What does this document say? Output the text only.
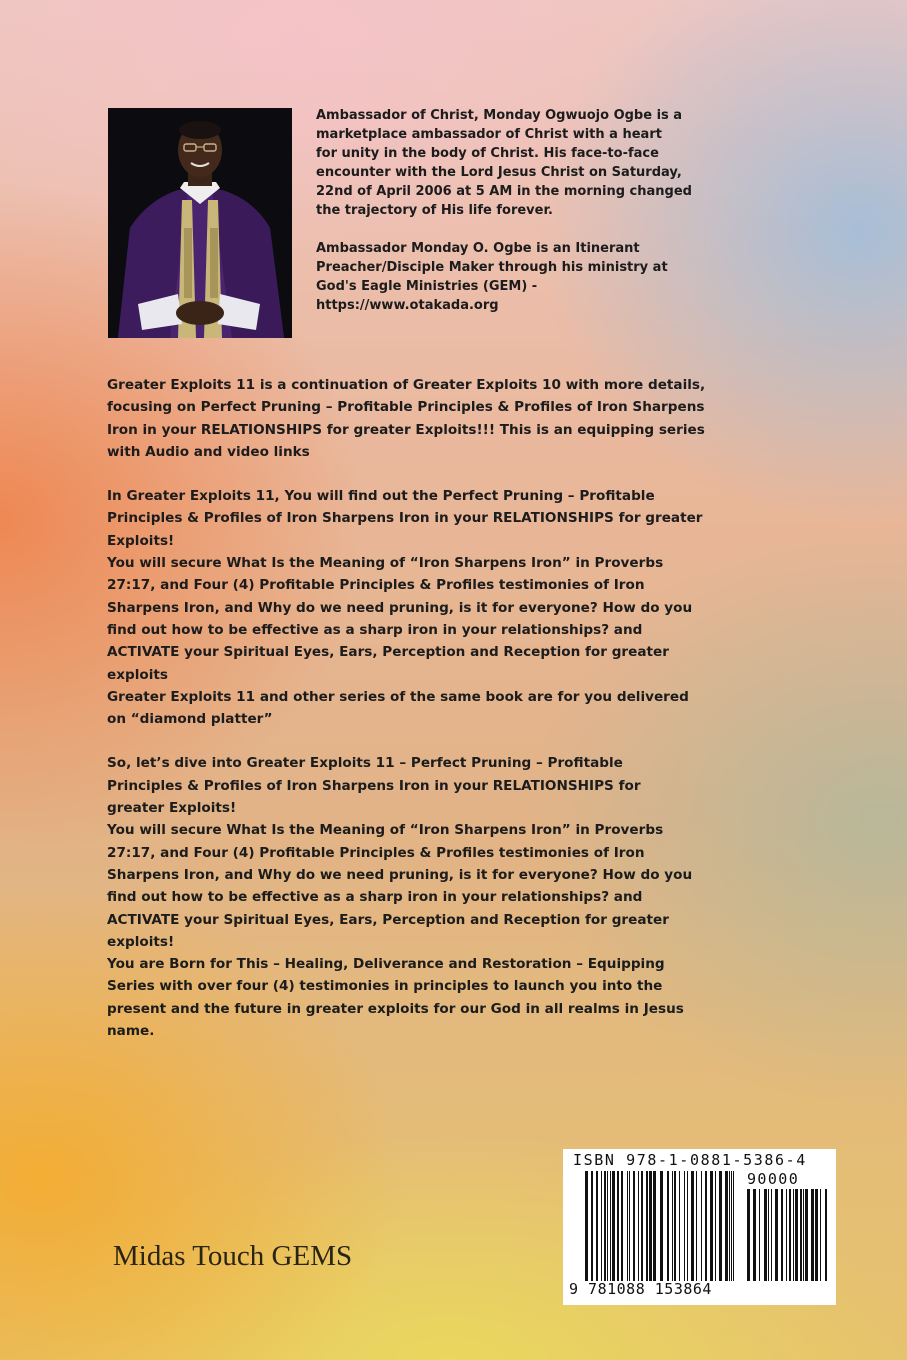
Ambassador of Christ, Monday Ogwuojo Ogbe is a
marketplace ambassador of Christ with a heart
for unity in the body of Christ. His face-to-face
encounter with the Lord Jesus Christ on Saturday,
22nd of April 2006 at 5 AM in the morning changed
the trajectory of His life forever.

Ambassador Monday O. Ogbe is an Itinerant
Preacher/Disciple Maker through his ministry at
God's Eagle Ministries (GEM) -
https://www.otakada.org

Greater Exploits 11 is a continuation of Greater Exploits 10 with more details,
focusing on Perfect Pruning – Profitable Principles & Profiles of Iron Sharpens
Iron in your RELATIONSHIPS for greater Exploits!!! This is an equipping series
with Audio and video links

In Greater Exploits 11, You will find out the Perfect Pruning – Profitable
Principles & Profiles of Iron Sharpens Iron in your RELATIONSHIPS for greater
Exploits!
You will secure What Is the Meaning of “Iron Sharpens Iron” in Proverbs
27:17, and Four (4) Profitable Principles & Profiles testimonies of Iron
Sharpens Iron, and Why do we need pruning, is it for everyone? How do you
find out how to be effective as a sharp iron in your relationships? and
ACTIVATE your Spiritual Eyes, Ears, Perception and Reception for greater
exploits
Greater Exploits 11 and other series of the same book are for you delivered
on “diamond platter”

So, let’s dive into Greater Exploits 11 – Perfect Pruning – Profitable
Principles & Profiles of Iron Sharpens Iron in your RELATIONSHIPS for
greater Exploits!
You will secure What Is the Meaning of “Iron Sharpens Iron” in Proverbs
27:17, and Four (4) Profitable Principles & Profiles testimonies of Iron
Sharpens Iron, and Why do we need pruning, is it for everyone? How do you
find out how to be effective as a sharp iron in your relationships? and
ACTIVATE your Spiritual Eyes, Ears, Perception and Reception for greater
exploits!
You are Born for This – Healing, Deliverance and Restoration – Equipping
Series with over four (4) testimonies in principles to launch you into the
present and the future in greater exploits for our God in all realms in Jesus
name.

Midas Touch GEMS
ISBN 978-1-0881-5386-4
90000
9 781088 153864
